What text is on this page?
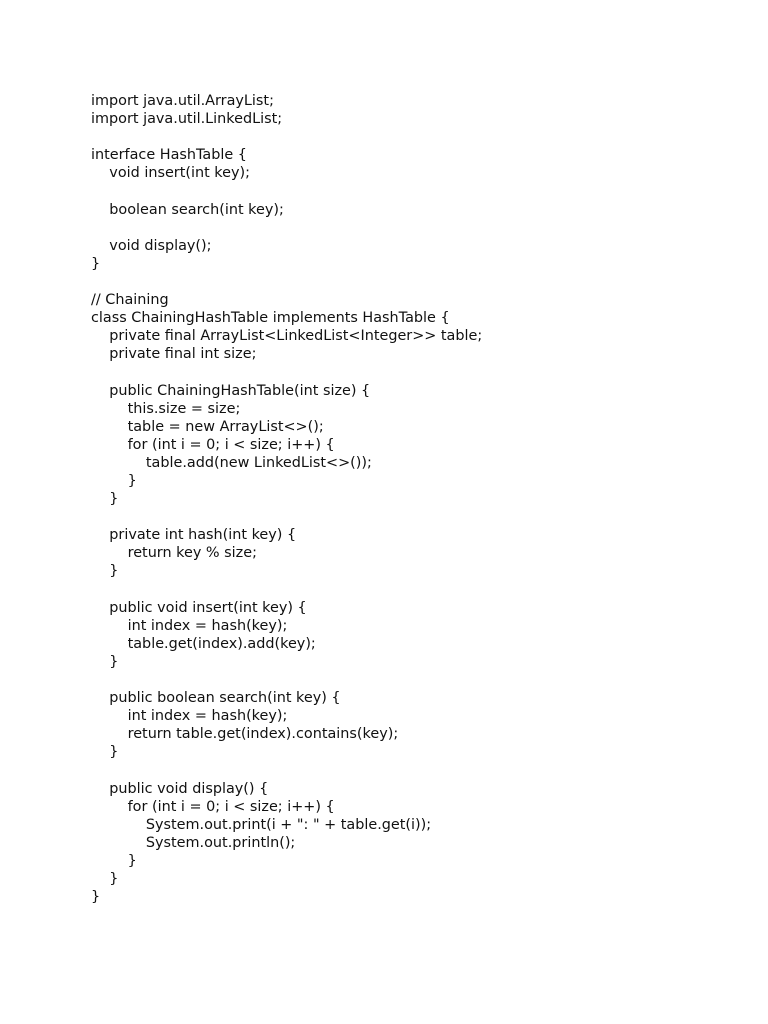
import java.util.ArrayList;
import java.util.LinkedList;
interface HashTable {
void insert(int key);
boolean search(int key);
void display();
}
// Chaining
class ChainingHashTable implements HashTable {
private final ArrayList<LinkedList<Integer>> table;
private final int size;
public ChainingHashTable(int size) {
this.size = size;
table = new ArrayList<>();
for (int i = 0; i < size; i++) {
table.add(new LinkedList<>());
}
}
private int hash(int key) {
return key % size;
}
public void insert(int key) {
int index = hash(key);
table.get(index).add(key);
}
public boolean search(int key) {
int index = hash(key);
return table.get(index).contains(key);
}
public void display() {
for (int i = 0; i < size; i++) {
System.out.print(i + ": " + table.get(i));
System.out.println();
}
}
}
